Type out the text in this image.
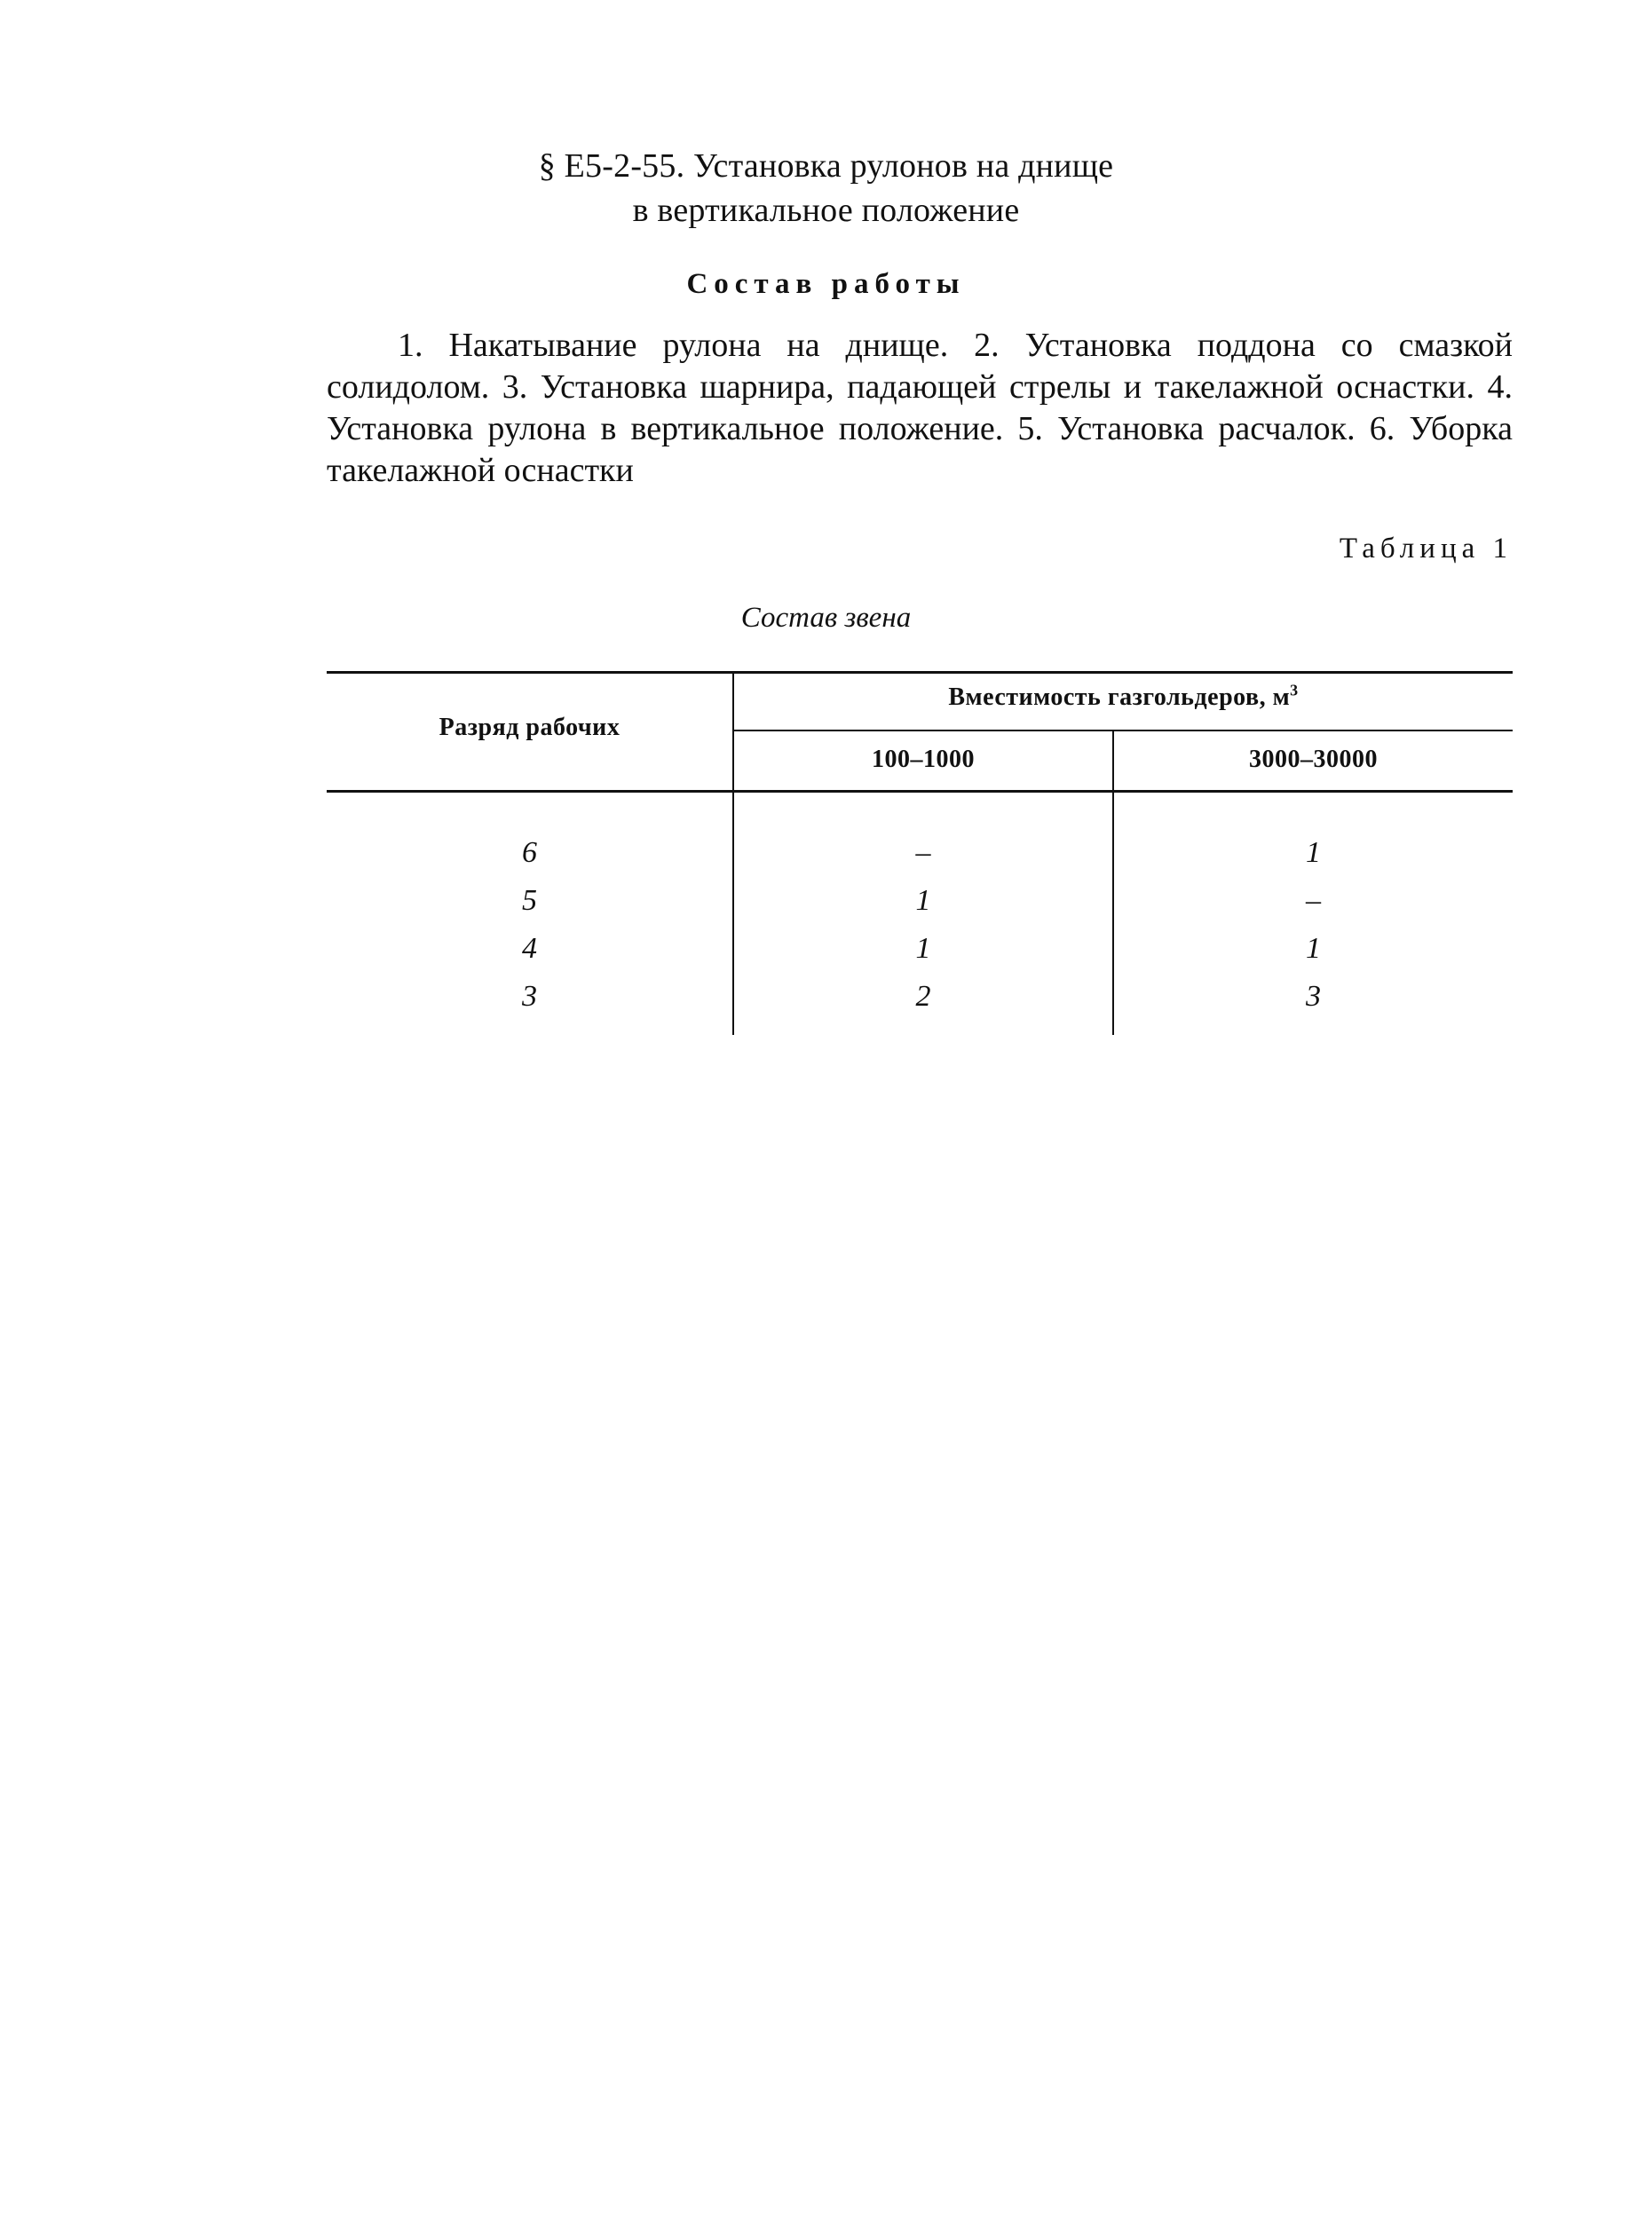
§ Е5-2-55. Установка рулонов на днище
в вертикальное положение
Состав работы
1. Накатывание рулона на днище. 2. Установка поддона со смазкой солидолом. 3. Установка шарнира, падающей стрелы и такелажной оснастки. 4. Установка рулона в вертикальное положение. 5. Установка расчалок. 6. Уборка такелажной оснастки
Таблица 1
Состав звена
Разряд рабочих
Вместимость газгольдеров, $м^3$
100–1000	3000–30000
6	–	1
5	1	–
4	1	1
3	2	3
